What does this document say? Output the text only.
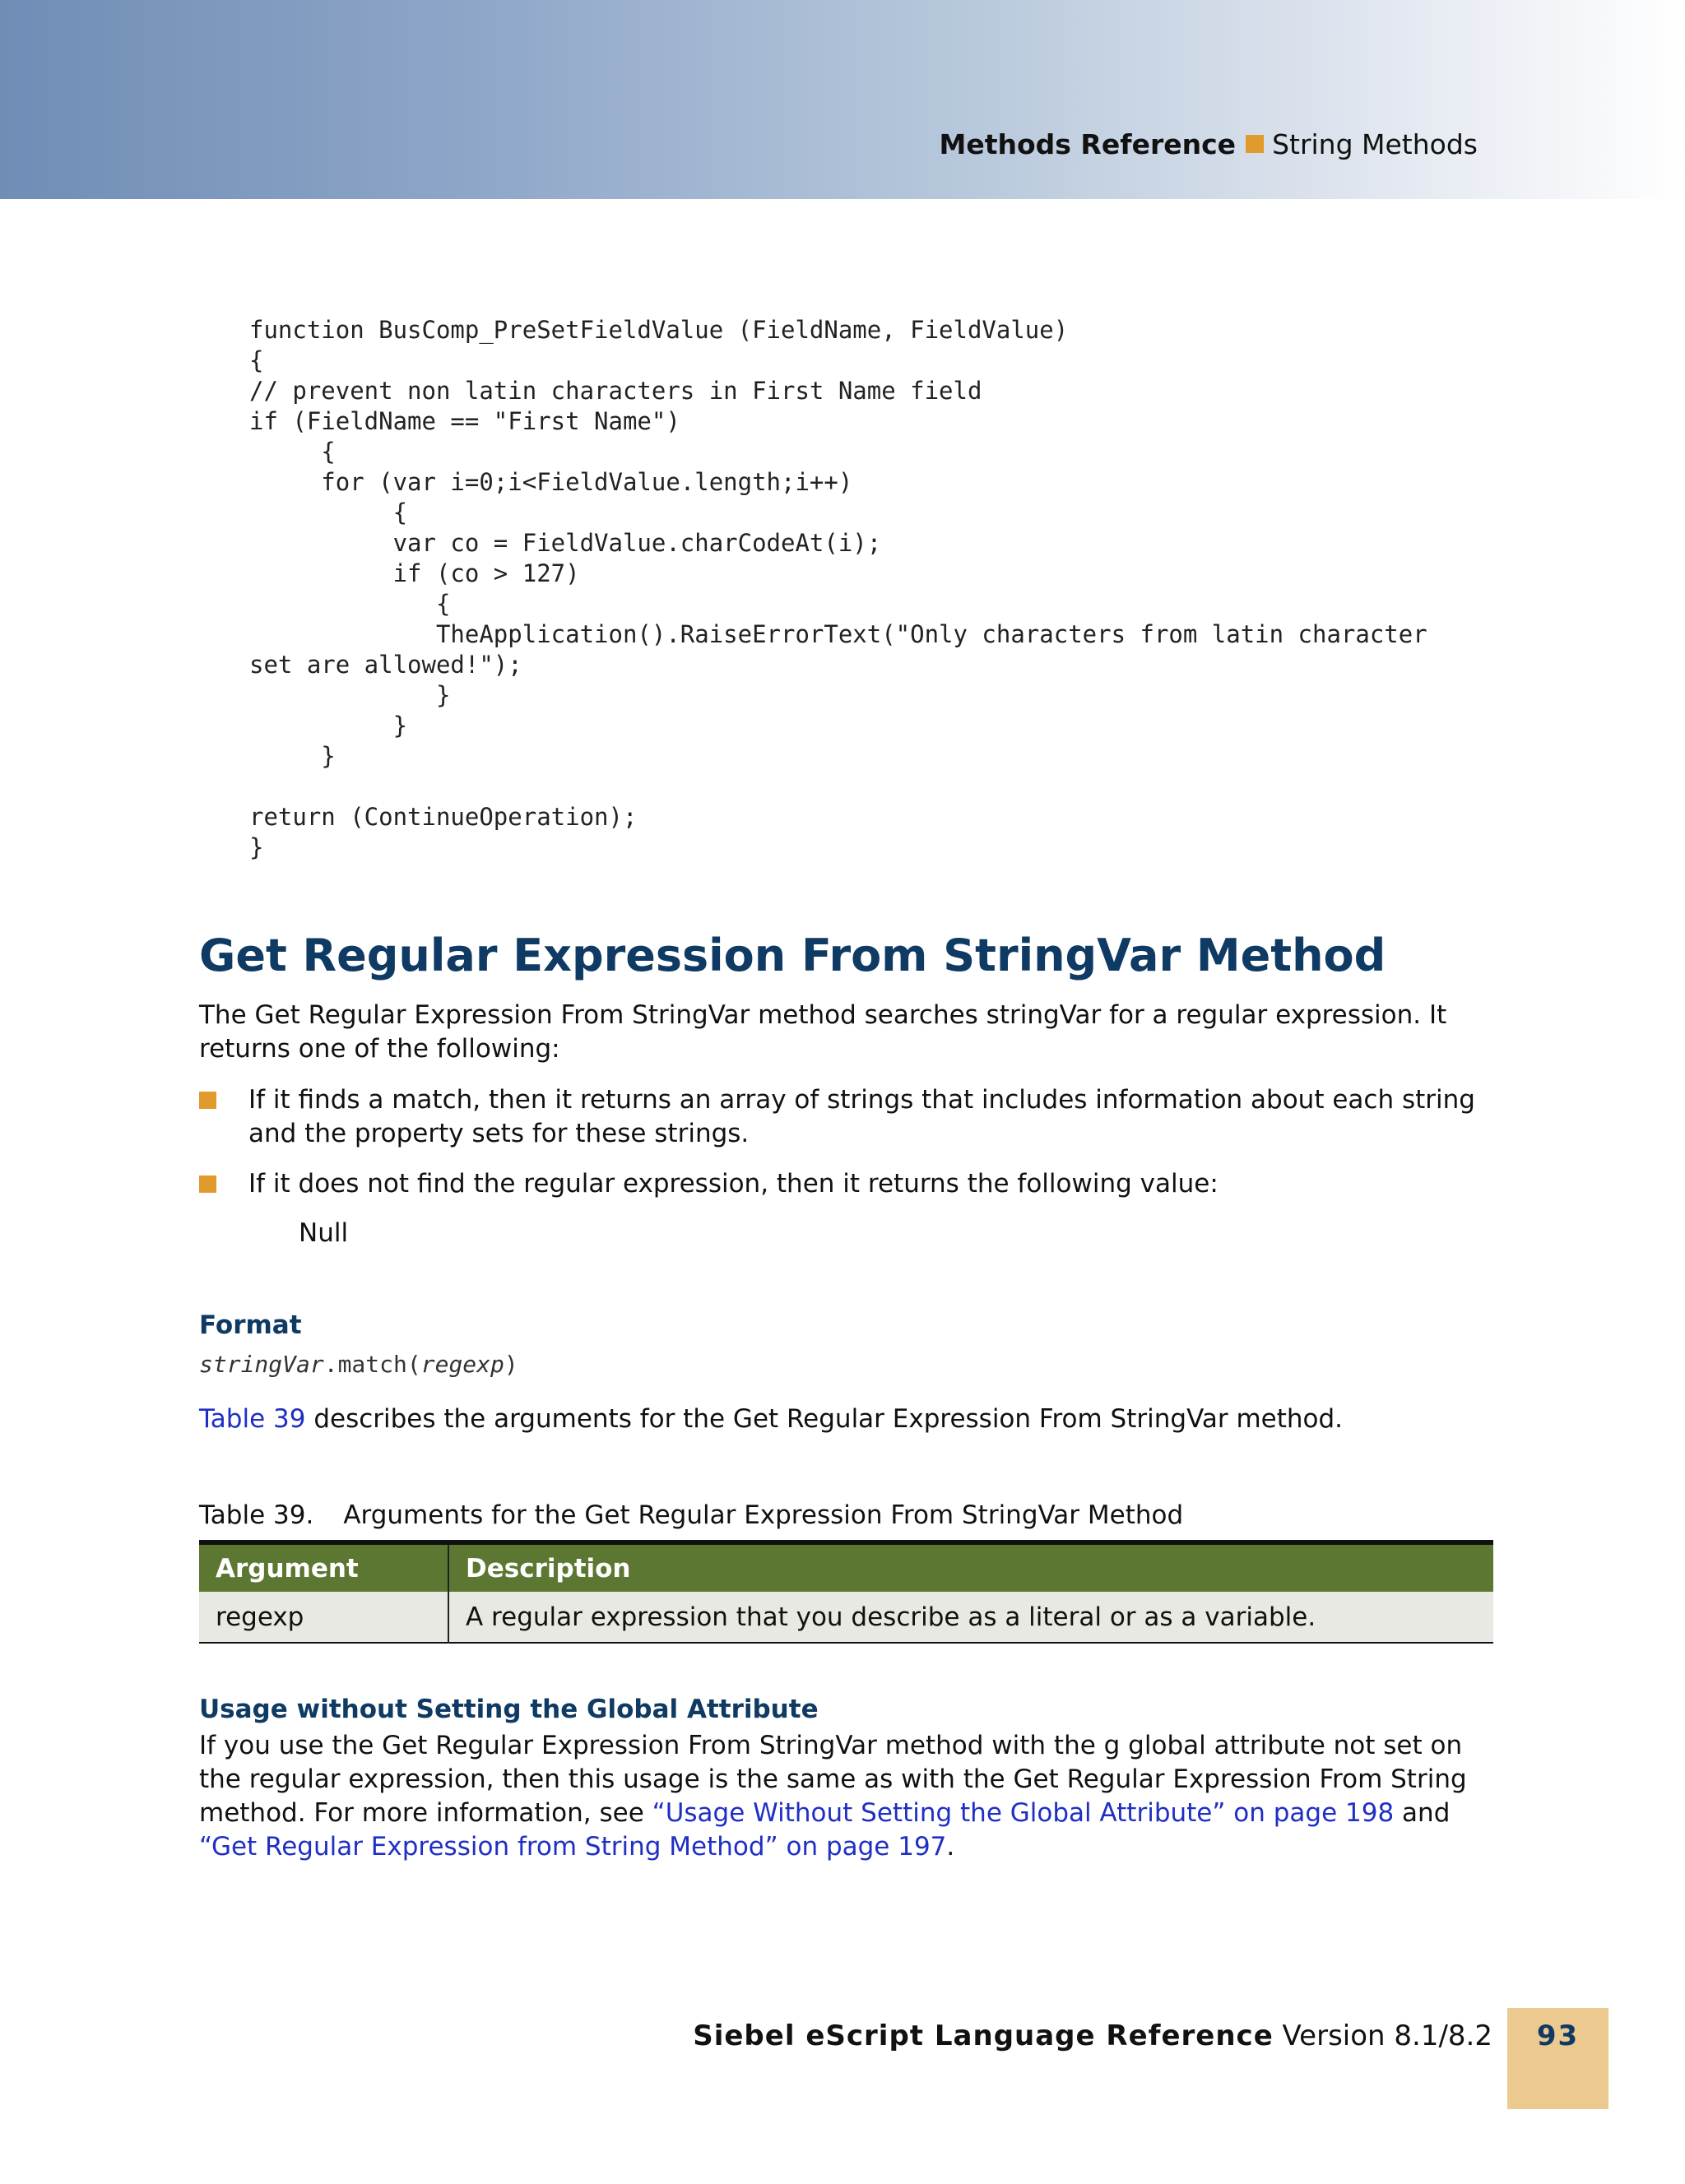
Methods Reference String Methods
function BusComp_PreSetFieldValue (FieldName, FieldValue)
{
// prevent non latin characters in First Name field
if (FieldName == "First Name")
{
for (var i=0;i<FieldValue.length;i++)
{
var co = FieldValue.charCodeAt(i);
if (co > 127)
{
TheApplication().RaiseErrorText("Only characters from latin character
set are allowed!");
}
}
}

return (ContinueOperation);
}
Get Regular Expression From StringVar Method

The Get Regular Expression From StringVar method searches stringVar for a regular expression. It returns one of the following:

If it finds a match, then it returns an array of strings that includes information about each string and the property sets for these strings.
If it does not find the regular expression, then it returns the following value:

Null

Format
stringVar.match(regexp)

Table 39 describes the arguments for the Get Regular Expression From StringVar method.

Table 39. Arguments for the Get Regular Expression From StringVar Method

Argument	Description
regexp	A regular expression that you describe as a literal or as a variable.
Usage without Setting the Global Attribute

If you use the Get Regular Expression From StringVar method with the g global attribute not set on the regular expression, then this usage is the same as with the Get Regular Expression From String method. For more information, see “Usage Without Setting the Global Attribute” on page 198 and “Get Regular Expression from String Method” on page 197.

Siebel eScript Language Reference Version 8.1/8.2	93
